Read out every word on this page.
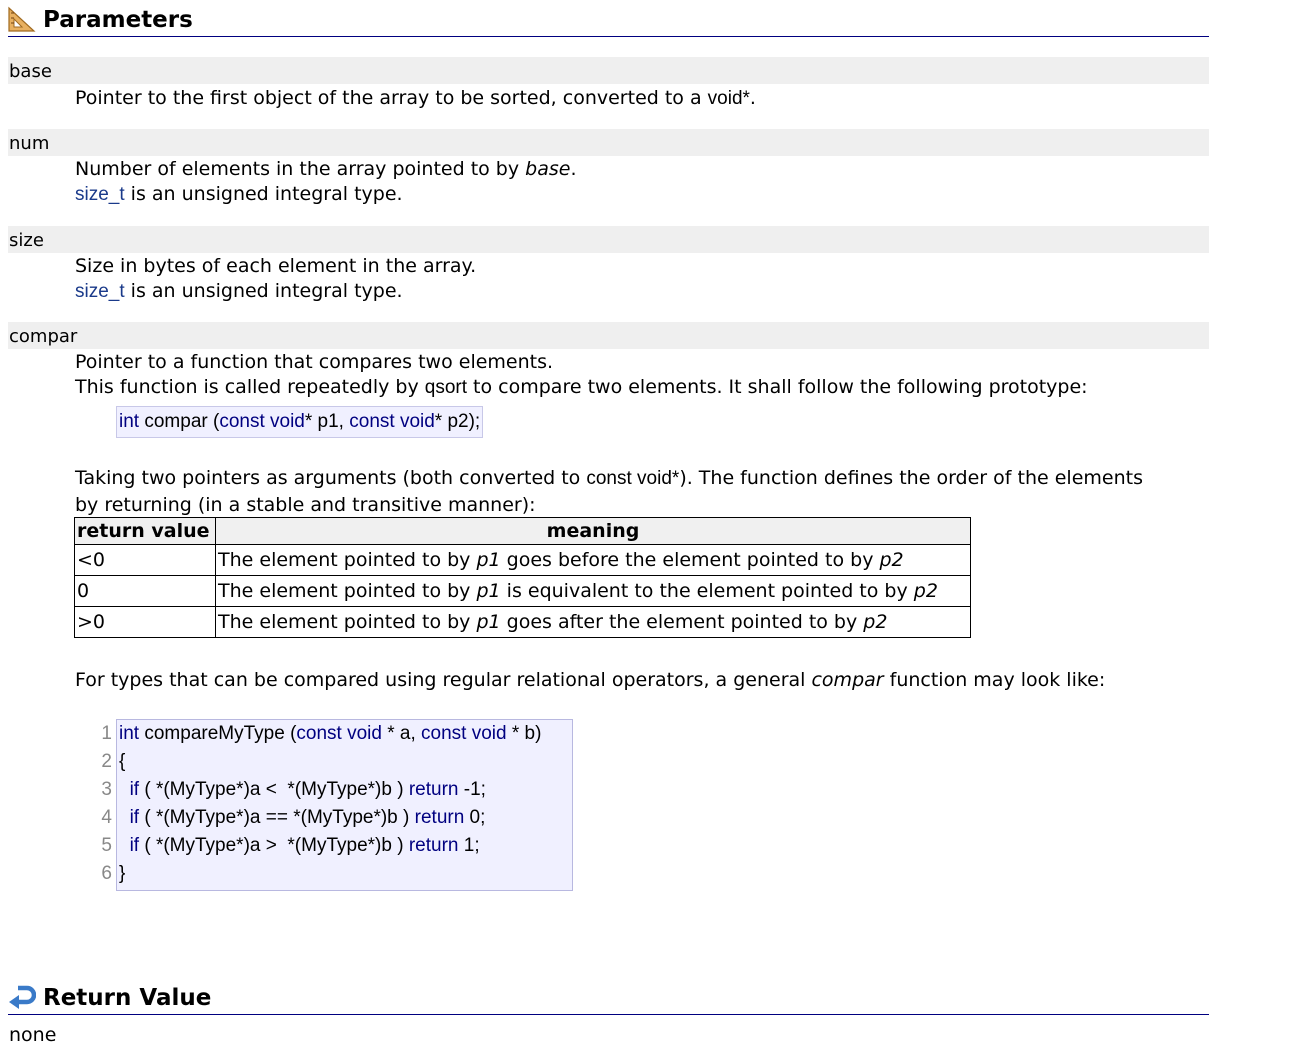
Parameters
base
Pointer to the first object of the array to be sorted, converted to a void*.
num
Number of elements in the array pointed to by base.
size_t is an unsigned integral type.
size
Size in bytes of each element in the array.
size_t is an unsigned integral type.
compar
Pointer to a function that compares two elements.
This function is called repeatedly by qsort to compare two elements. It shall follow the following prototype:
int compar (const void* p1, const void* p2);
Taking two pointers as arguments (both converted to const void*). The function defines the order of the elements
by returning (in a stable and transitive manner):
return value	meaning
<0	The element pointed to by p1 goes before the element pointed to by p2
0	The element pointed to by p1 is equivalent to the element pointed to by p2
>0	The element pointed to by p1 goes after the element pointed to by p2
For types that can be compared using regular relational operators, a general compar function may look like:
1 int compareMyType (const void * a, const void * b)
2 {
3 if ( *(MyType*)a <  *(MyType*)b ) return -1;
4 if ( *(MyType*)a == *(MyType*)b ) return 0;
5 if ( *(MyType*)a >  *(MyType*)b ) return 1;
6 }
Return Value
none
